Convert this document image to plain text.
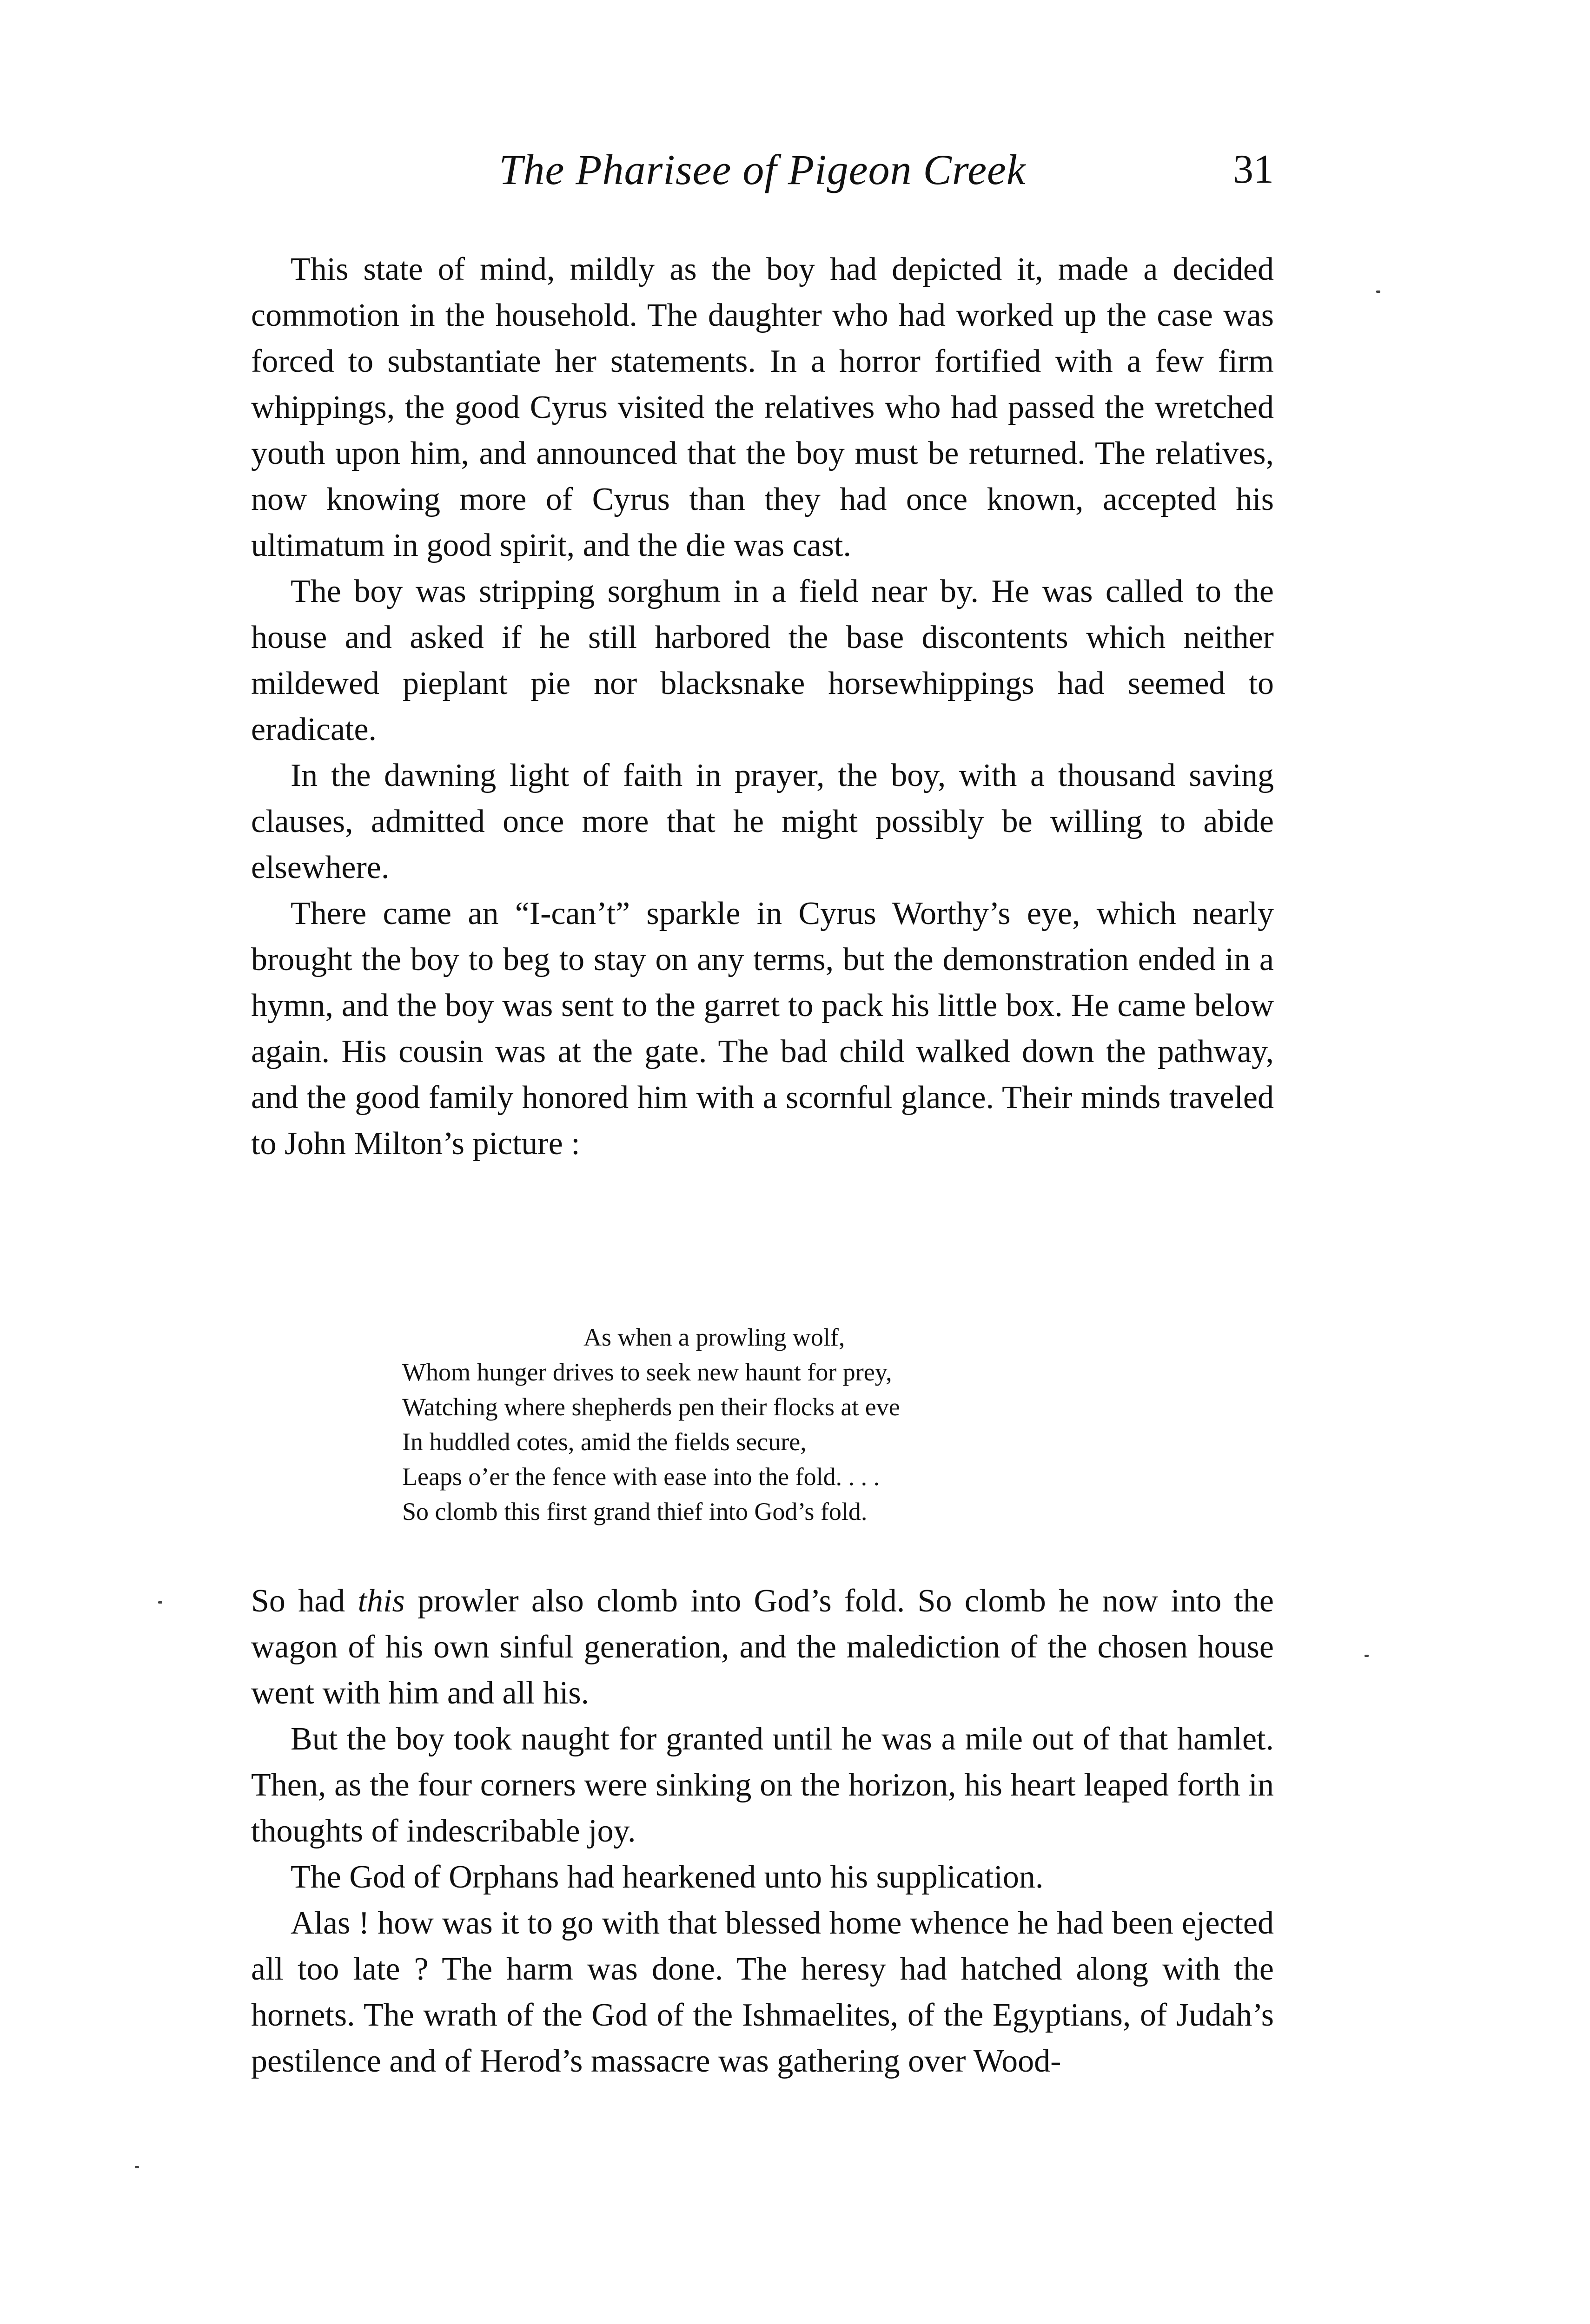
The Pharisee of Pigeon Creek	31

This state of mind, mildly as the boy had depicted it, made a decided commotion in the household. The daughter who had worked up the case was forced to substantiate her statements. In a horror fortified with a few firm whippings, the good Cyrus visited the relatives who had passed the wretched youth upon him, and announced that the boy must be returned. The relatives, now knowing more of Cyrus than they had once known, accepted his ultimatum in good spirit, and the die was cast.

The boy was stripping sorghum in a field near by. He was called to the house and asked if he still harbored the base discontents which neither mildewed pieplant pie nor blacksnake horsewhippings had seemed to eradicate.

In the dawning light of faith in prayer, the boy, with a thousand saving clauses, admitted once more that he might possibly be willing to abide elsewhere.

There came an “I-can’t” sparkle in Cyrus Worthy’s eye, which nearly brought the boy to beg to stay on any terms, but the demonstration ended in a hymn, and the boy was sent to the garret to pack his little box. He came below again. His cousin was at the gate. The bad child walked down the pathway, and the good family honored him with a scornful glance. Their minds traveled to John Milton’s picture :

As when a prowling wolf,
Whom hunger drives to seek new haunt for prey,
Watching where shepherds pen their flocks at eve
In huddled cotes, amid the fields secure,
Leaps o’er the fence with ease into the fold. . . .
So clomb this first grand thief into God’s fold.

So had this prowler also clomb into God’s fold. So clomb he now into the wagon of his own sinful generation, and the malediction of the chosen house went with him and all his.

But the boy took naught for granted until he was a mile out of that hamlet. Then, as the four corners were sinking on the horizon, his heart leaped forth in thoughts of indescribable joy.

The God of Orphans had hearkened unto his supplication.

Alas ! how was it to go with that blessed home whence he had been ejected all too late ? The harm was done. The heresy had hatched along with the hornets. The wrath of the God of the Ishmaelites, of the Egyptians, of Judah’s pestilence and of Herod’s massacre was gathering over Wood-
